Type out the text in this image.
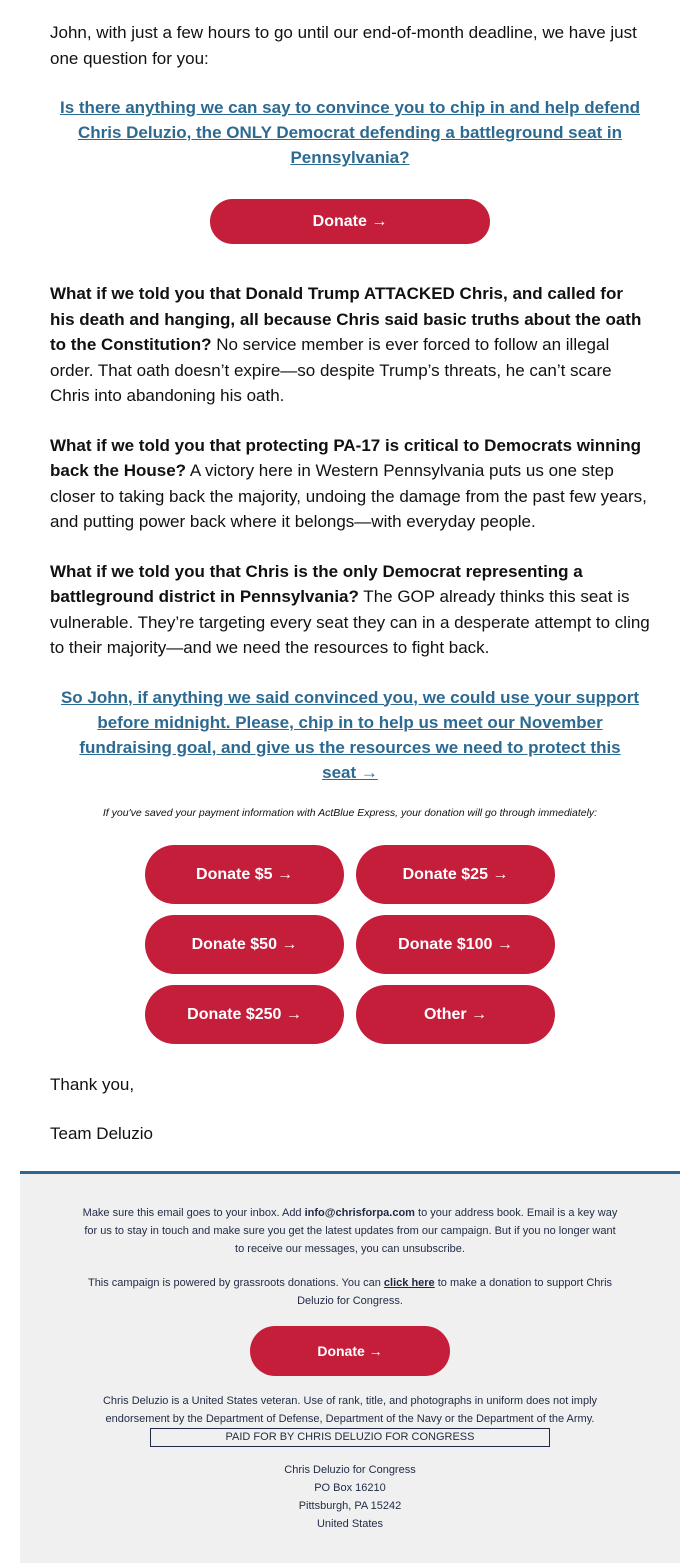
John, with just a few hours to go until our end-of-month deadline, we have just one question for you:

Is there anything we can say to convince you to chip in and help defend Chris Deluzio, the ONLY Democrat defending a battleground seat in Pennsylvania?
Donate →

What if we told you that Donald Trump ATTACKED Chris, and called for his death and hanging, all because Chris said basic truths about the oath to the Constitution? No service member is ever forced to follow an illegal order. That oath doesn’t expire—so despite Trump’s threats, he can’t scare Chris into abandoning his oath.

What if we told you that protecting PA-17 is critical to Democrats winning back the House? A victory here in Western Pennsylvania puts us one step closer to taking back the majority, undoing the damage from the past few years, and putting power back where it belongs—with everyday people.

What if we told you that Chris is the only Democrat representing a battleground district in Pennsylvania? The GOP already thinks this seat is vulnerable. They’re targeting every seat they can in a desperate attempt to cling to their majority—and we need the resources to fight back.

So John, if anything we said convinced you, we could use your support before midnight. Please, chip in to help us meet our November fundraising goal, and give us the resources we need to protect this seat →
If you've saved your payment information with ActBlue Express, your donation will go through immediately:
Donate $5 →	Donate $25 →
Donate $50 →	Donate $100 →
Donate $250 →	Other →

Thank you,

Team Deluzio

Make sure this email goes to your inbox. Add info@chrisforpa.com to your address book. Email is a key way for us to stay in touch and make sure you get the latest updates from our campaign. But if you no longer want to receive our messages, you can unsubscribe.

This campaign is powered by grassroots donations. You can click here to make a donation to support Chris Deluzio for Congress.

Donate →
Chris Deluzio is a United States veteran. Use of rank, title, and photographs in uniform does not imply endorsement by the Department of Defense, Department of the Navy or the Department of the Army.
PAID FOR BY CHRIS DELUZIO FOR CONGRESS
Chris Deluzio for Congress
PO Box 16210
Pittsburgh, PA 15242
United States
